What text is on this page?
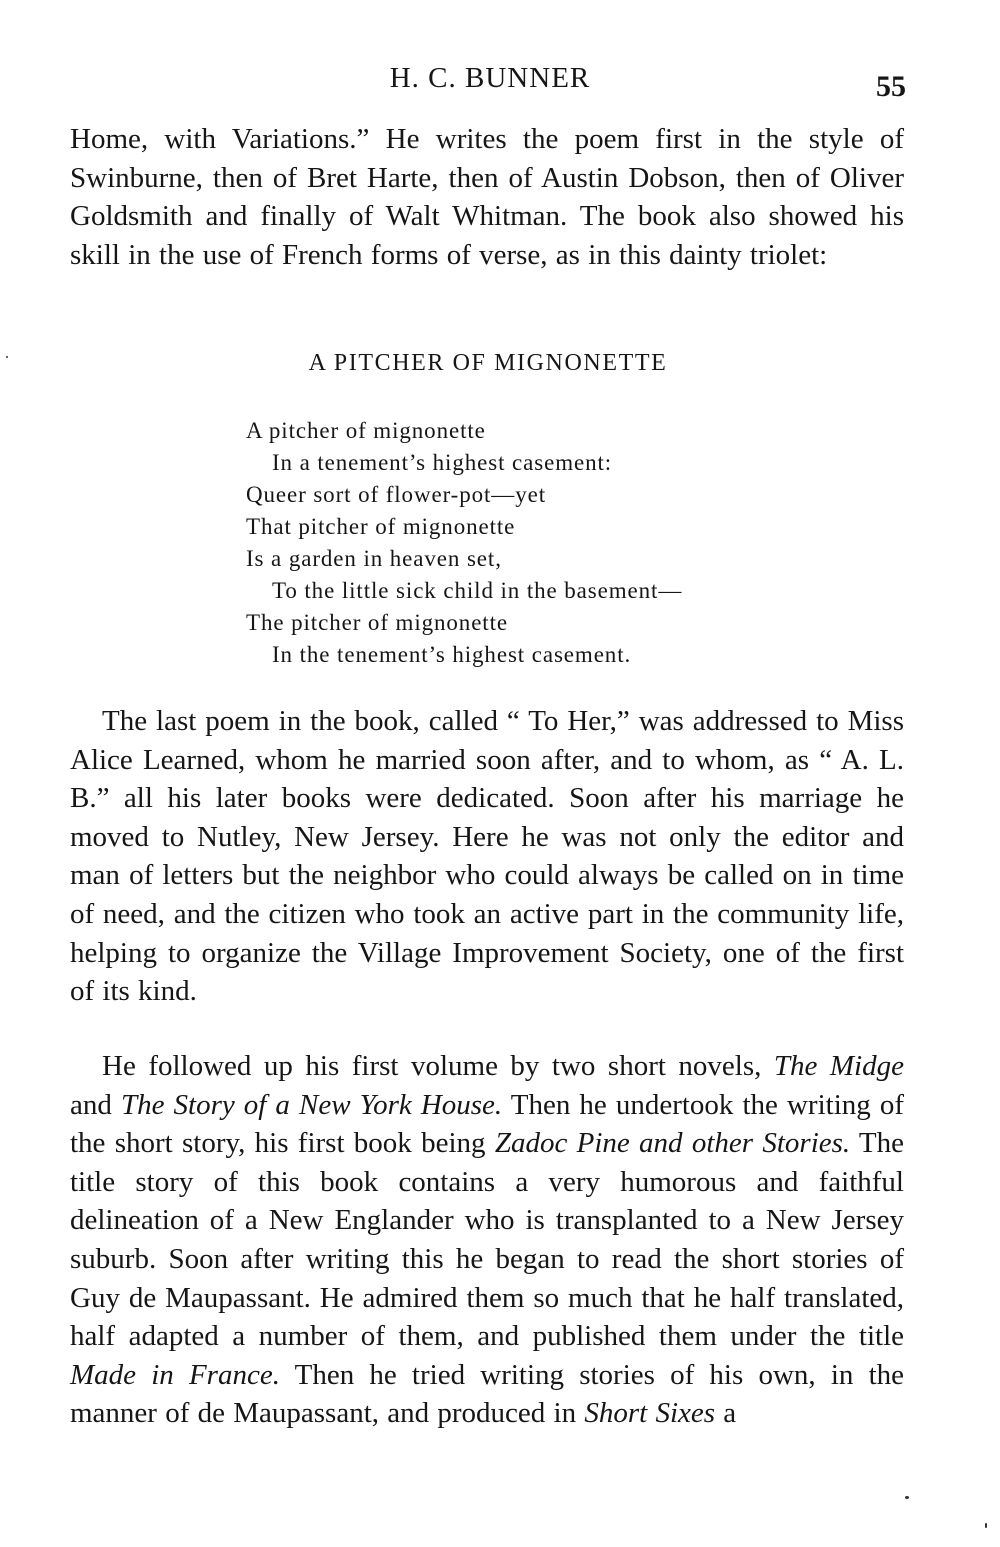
H. C. BUNNER	55

Home, with Variations.” He writes the poem first in the style of Swinburne, then of Bret Harte, then of Austin Dobson, then of Oliver Goldsmith and finally of Walt Whitman. The book also showed his skill in the use of French forms of verse, as in this dainty triolet:

A PITCHER OF MIGNONETTE
A pitcher of mignonette
In a tenement’s highest casement:
Queer sort of flower-pot—yet
That pitcher of mignonette
Is a garden in heaven set,
To the little sick child in the basement—
The pitcher of mignonette
In the tenement’s highest casement.

The last poem in the book, called “ To Her,” was addressed to Miss Alice Learned, whom he married soon after, and to whom, as “ A. L. B.” all his later books were dedicated. Soon after his marriage he moved to Nutley, New Jersey. Here he was not only the editor and man of letters but the neighbor who could always be called on in time of need, and the citizen who took an active part in the community life, helping to organize the Village Improvement Society, one of the first of its kind.

He followed up his first volume by two short novels, The Midge and The Story of a New York House. Then he undertook the writing of the short story, his first book being Zadoc Pine and other Stories. The title story of this book contains a very humorous and faithful delineation of a New Englander who is transplanted to a New Jersey suburb. Soon after writing this he began to read the short stories of Guy de Maupassant. He admired them so much that he half translated, half adapted a number of them, and published them under the title Made in France. Then he tried writing stories of his own, in the manner of de Maupassant, and produced in Short Sixes a
